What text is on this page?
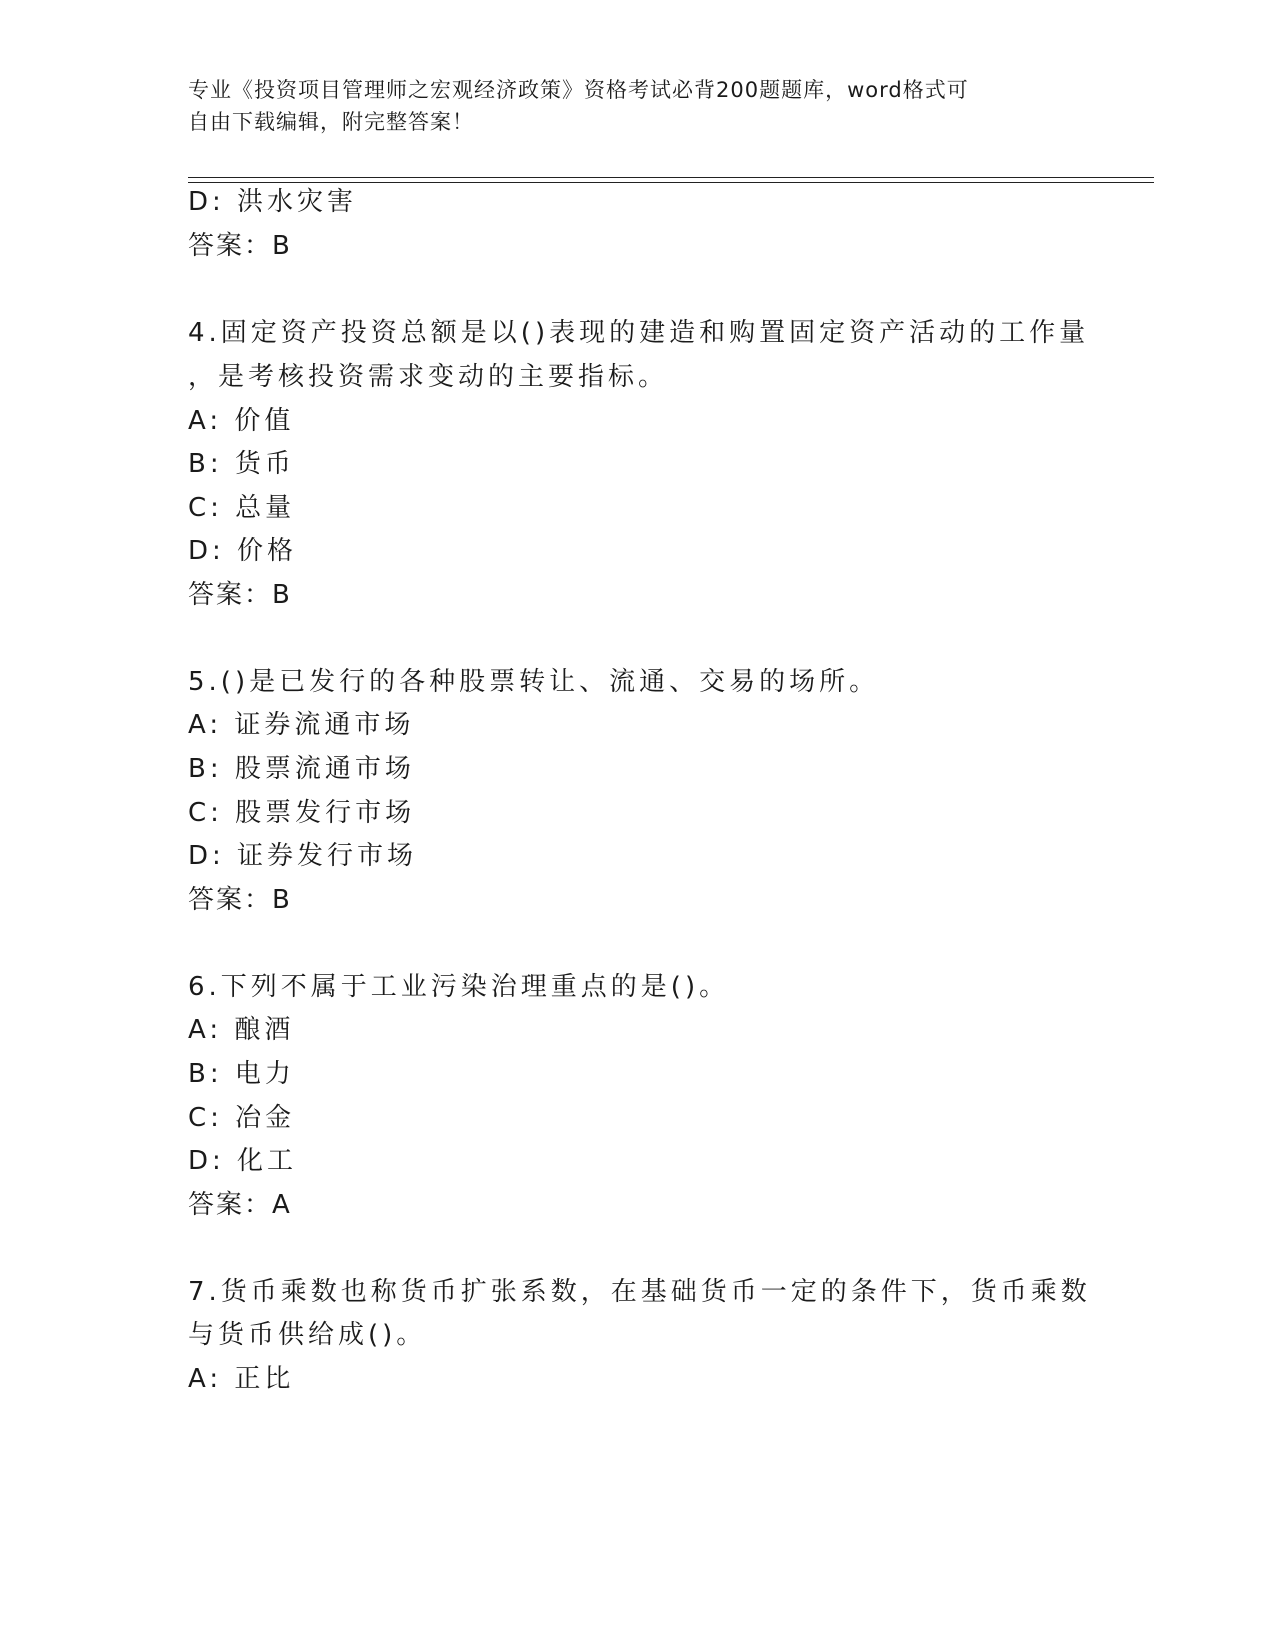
专业《投资项目管理师之宏观经济政策》资格考试必背200题题库，word格式可
自由下载编辑，附完整答案！
D: 洪水灾害
答案：B
4.固定资产投资总额是以()表现的建造和购置固定资产活动的工作量
，是考核投资需求变动的主要指标。
A: 价值
B: 货币
C: 总量
D: 价格
答案：B
5.()是已发行的各种股票转让、流通、交易的场所。
A: 证券流通市场
B: 股票流通市场
C: 股票发行市场
D: 证券发行市场
答案：B
6.下列不属于工业污染治理重点的是()。
A: 酿酒
B: 电力
C: 冶金
D: 化工
答案：A
7.货币乘数也称货币扩张系数，在基础货币一定的条件下，货币乘数
与货币供给成()。
A: 正比
